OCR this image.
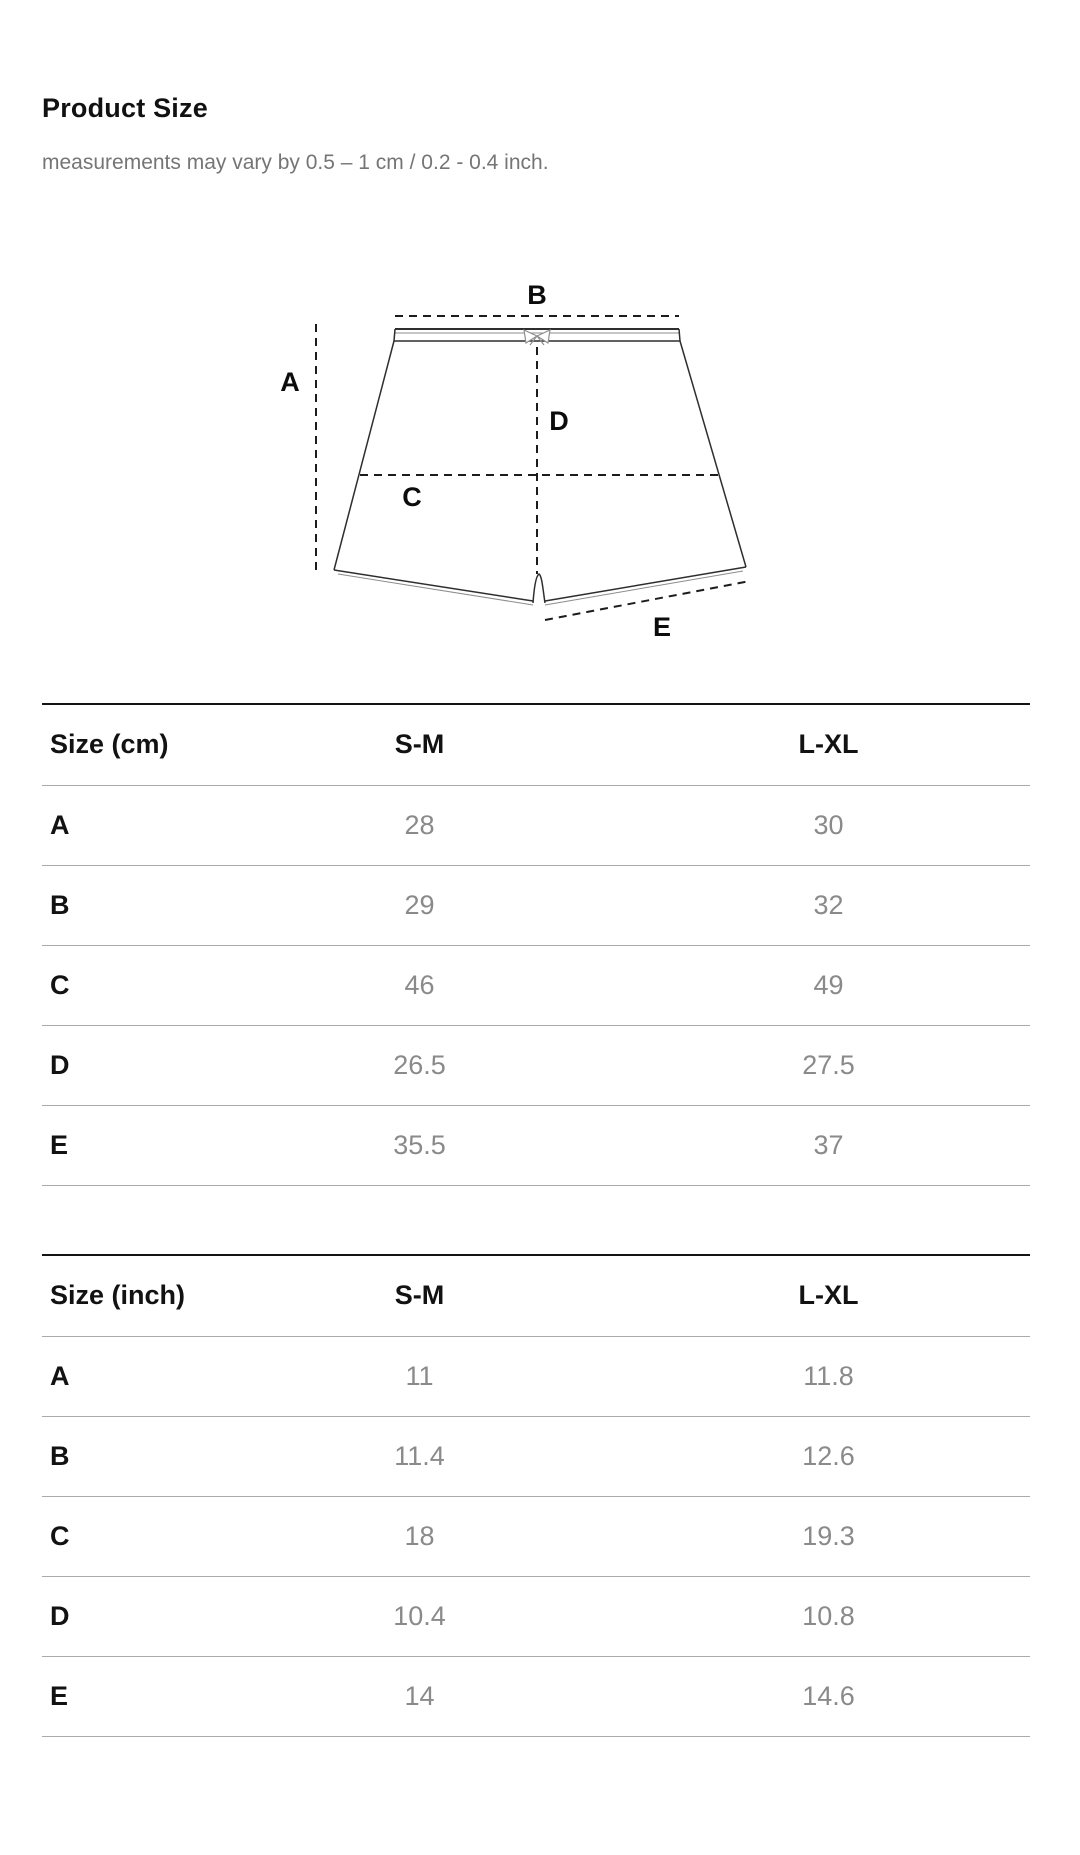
Product Size

measurements may vary by 0.5 – 1 cm / 0.2 - 0.4 inch.

A
B
C
D
E
Size (cm)	S-M	L-XL
A	28	30
B	29	32
C	46	49
D	26.5	27.5
E	35.5	37
Size (inch)	S-M	L-XL
A	11	11.8
B	11.4	12.6
C	18	19.3
D	10.4	10.8
E	14	14.6
